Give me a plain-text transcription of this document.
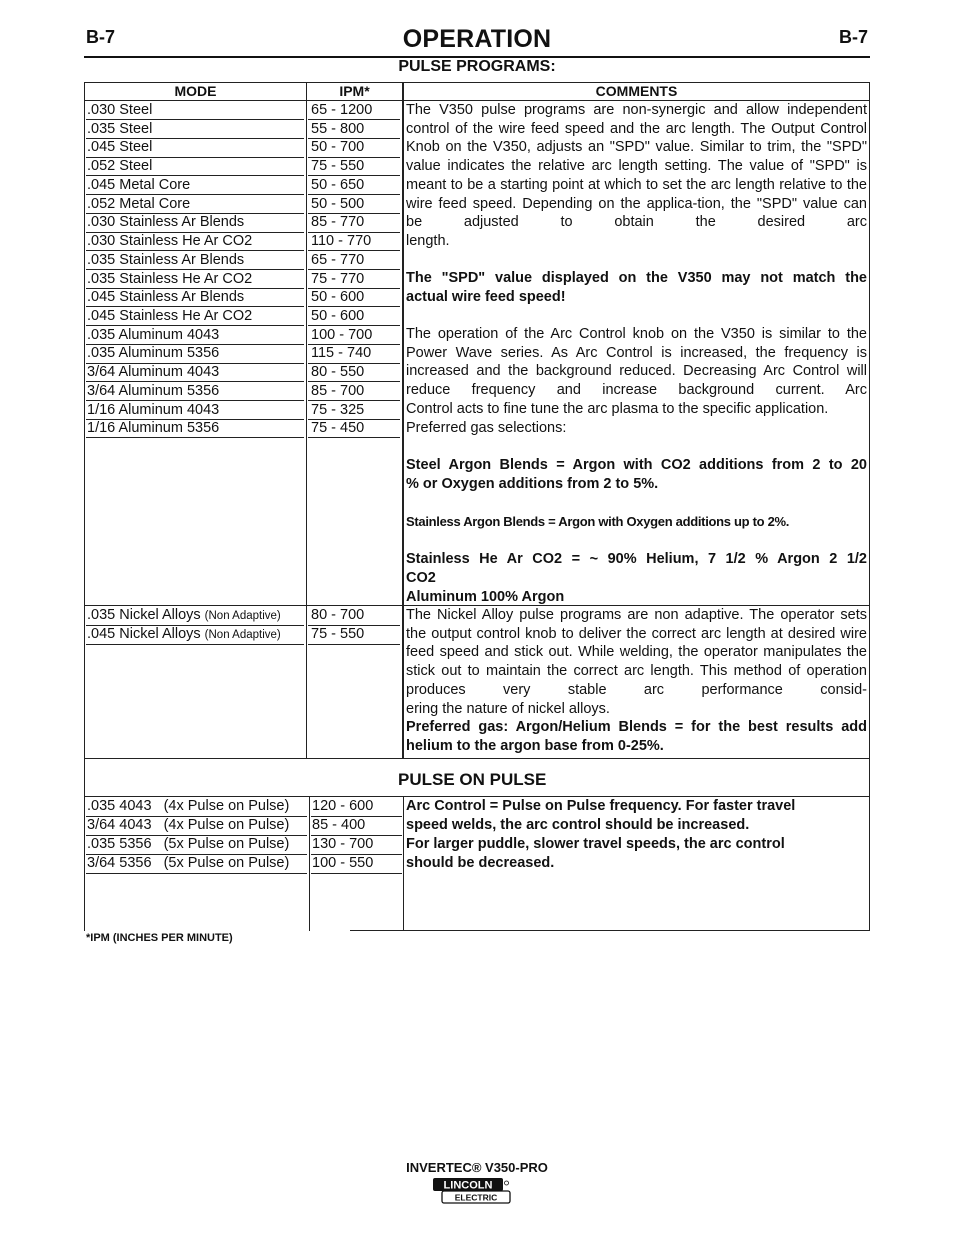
B-7	B-7
OPERATION
PULSE PROGRAMS:
MODE	IPM*	COMMENTS
.030 Steel	65 - 1200
.035 Steel	55 - 800
.045 Steel	50 - 700
.052 Steel	75 - 550
.045 Metal Core	50 - 650
.052 Metal Core	50 - 500
.030 Stainless Ar Blends	85 - 770
.030 Stainless He Ar CO2	110 - 770
.035 Stainless Ar Blends	65 - 770
.035 Stainless He Ar CO2	75 - 770
.045 Stainless Ar Blends	50 - 600
.045 Stainless He Ar CO2	50 - 600
.035 Aluminum 4043	100 - 700
.035 Aluminum 5356	115 - 740
3/64 Aluminum 4043	80 - 550
3/64 Aluminum 5356	85 - 700
1/16 Aluminum 4043	75 - 325
1/16 Aluminum 5356	75 - 450
.035 Nickel Alloys (Non Adaptive) 80 - 700
.045 Nickel Alloys (Non Adaptive) 75 - 550
The V350 pulse programs are non-synergic and allow independent control of the wire feed speed and the arc length. The Output Control Knob on the V350, adjusts an "SPD" value. Similar to trim, the "SPD" value indicates the relative arc length setting. The value of "SPD" is meant to be a starting point at which to set the arc length relative to the wire feed speed. Depending on the applica-tion, the "SPD" value can be adjusted to obtain the desired arc
length.
The "SPD" value displayed on the V350 may not match the
actual wire feed speed!
The operation of the Arc Control knob on the V350 is similar to the Power Wave series. As Arc Control is increased, the frequency is increased and the background reduced. Decreasing Arc Control will reduce frequency and increase background current. Arc
Control acts to fine tune the arc plasma to the specific application.
Preferred gas selections:
Steel Argon Blends = Argon with CO2 additions from 2 to 20
% or Oxygen additions from 2 to 5%.
Stainless Argon Blends = Argon with Oxygen additions up to 2%.
Stainless He Ar CO2 = ~ 90% Helium, 7 1/2 % Argon 2 1/2
CO2
Aluminum 100% Argon
The Nickel Alloy pulse programs are non adaptive. The operator sets the output control knob to deliver the correct arc length at desired wire feed speed and stick out. While welding, the operator manipulates the stick out to maintain the correct arc length. This method of operation produces very stable arc performance consid-
ering the nature of nickel alloys.
Preferred gas: Argon/Helium Blends = for the best results add
helium to the argon base from 0-25%.
PULSE ON PULSE
.035 4043   (4x Pulse on Pulse) 120 - 600
3/64 4043   (4x Pulse on Pulse) 85 - 400
.035 5356   (5x Pulse on Pulse) 130 - 700
3/64 5356   (5x Pulse on Pulse) 100 - 550
Arc Control = Pulse on Pulse frequency. For faster travel
speed welds, the arc control should be increased.
For larger puddle, slower travel speeds, the arc control
should be decreased.
*IPM (INCHES PER MINUTE)
INVERTEC® V350-PRO
LINCOLN
ELECTRIC
